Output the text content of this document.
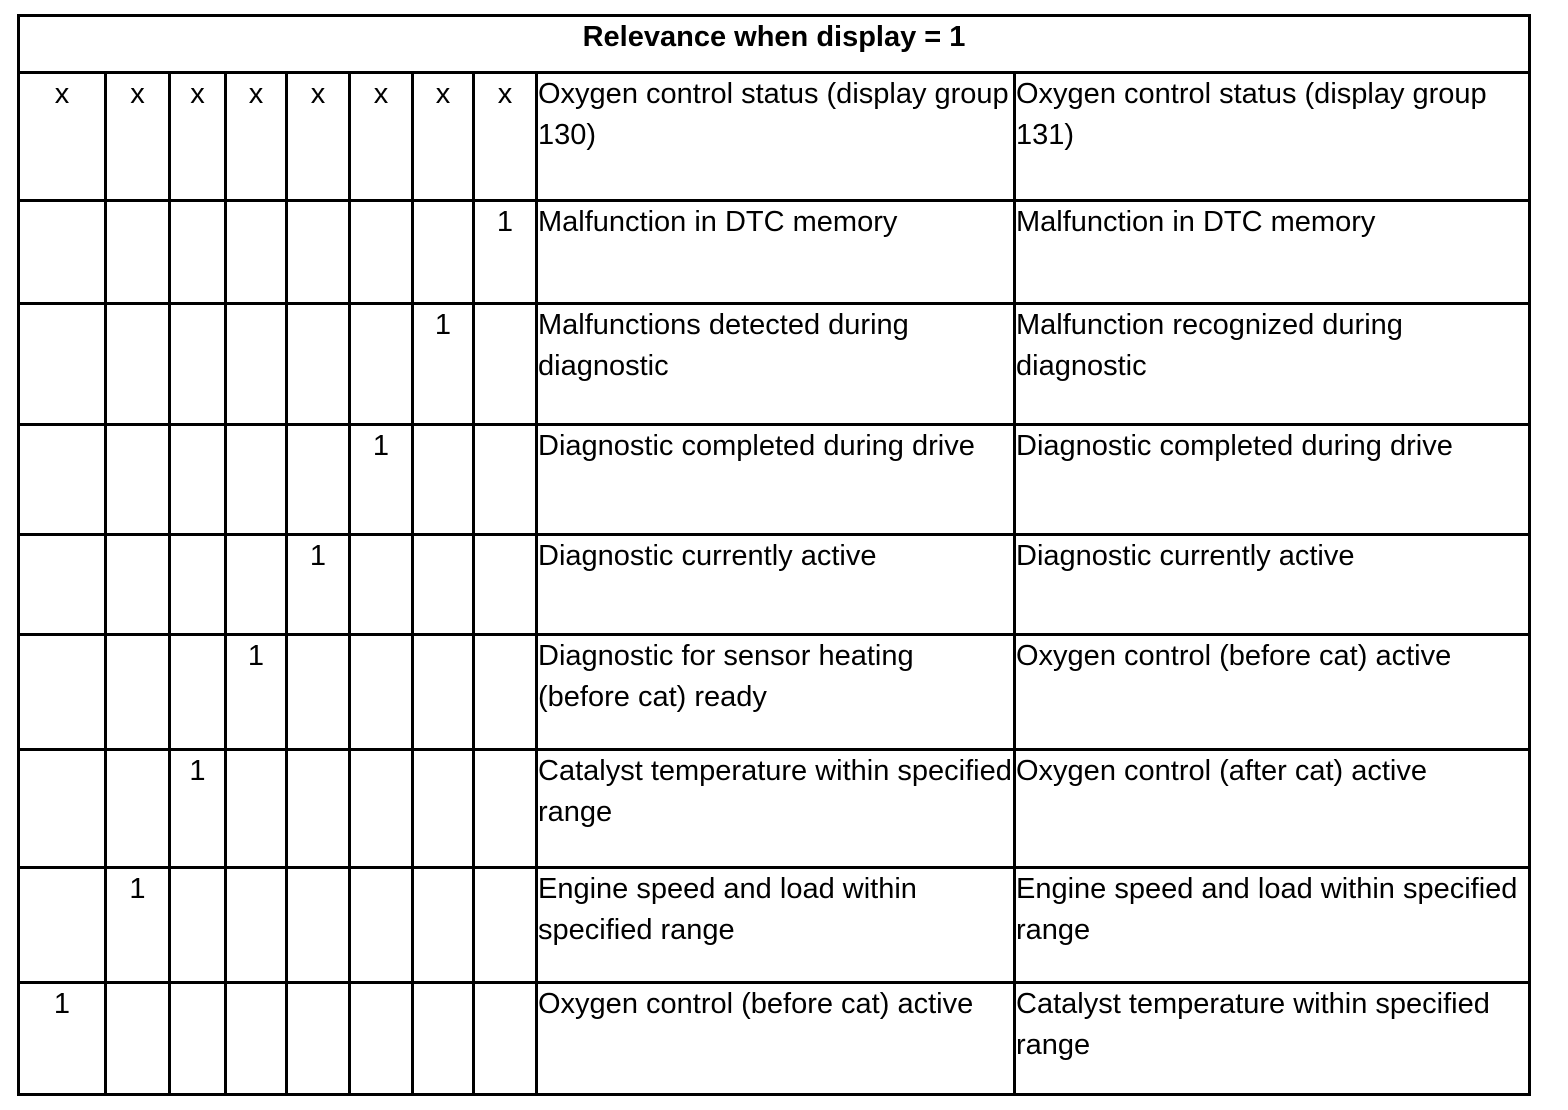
Relevance when display = 1									
x	x	x	x	x	x	x	x	Oxygen control status (display group 130)	Oxygen control status (display group 131)
							1	Malfunction in DTC memory	Malfunction in DTC memory
						1		Malfunctions detected during diagnostic	Malfunction recognized during diagnostic
					1			Diagnostic completed during drive	Diagnostic completed during drive
				1				Diagnostic currently active	Diagnostic currently active
			1					Diagnostic for sensor heating (before cat) ready	Oxygen control (before cat) active
		1						Catalyst temperature within specified range	Oxygen control (after cat) active
	1							Engine speed and load within specified range	Engine speed and load within specified range
1								Oxygen control (before cat) active	Catalyst temperature within specified range
